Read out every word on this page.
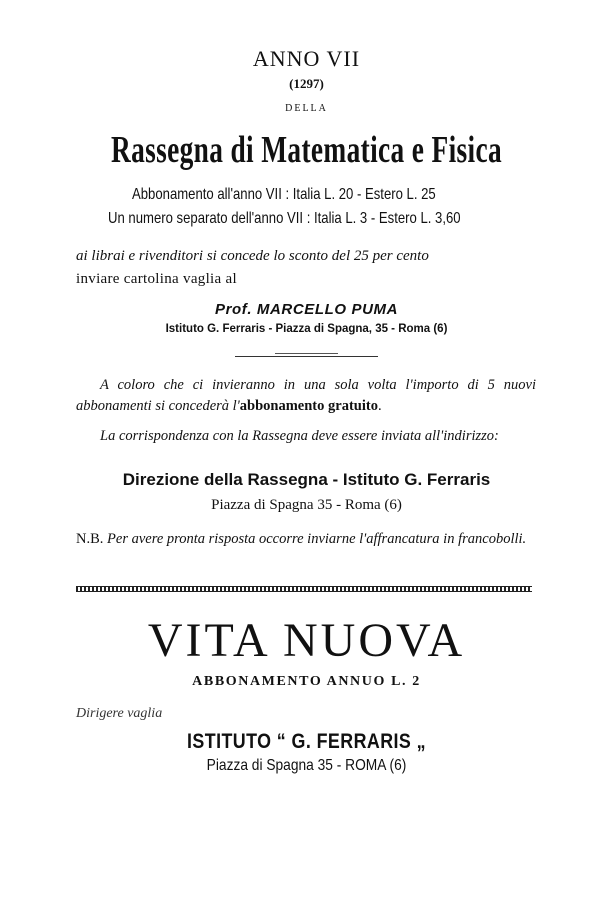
ANNO VII
(1297)
DELLA
Rassegna di Matematica e Fisica
Abbonamento all'anno VII : Italia L. 20 - Estero L. 25
Un numero separato dell'anno VII : Italia L. 3 - Estero L. 3,60
ai librai e rivenditori si concede lo sconto del 25 per cento
inviare cartolina vaglia al
Prof. MARCELLO PUMA
Istituto G. Ferraris - Piazza di Spagna, 35 - Roma (6)
A coloro che ci invieranno in una sola volta l'importo di 5 nuovi abbonamenti si concederà l'abbonamento gratuito.
La corrispondenza con la Rassegna deve essere inviata all'indirizzo:
Direzione della Rassegna - Istituto G. Ferraris
Piazza di Spagna 35 - Roma (6)
N.B. Per avere pronta risposta occorre inviarne l'affrancatura in francobolli.
VITA NUOVA
ABBONAMENTO ANNUO L. 2
Dirigere vaglia
ISTITUTO “ G. FERRARIS „
Piazza di Spagna 35 - ROMA (6)
